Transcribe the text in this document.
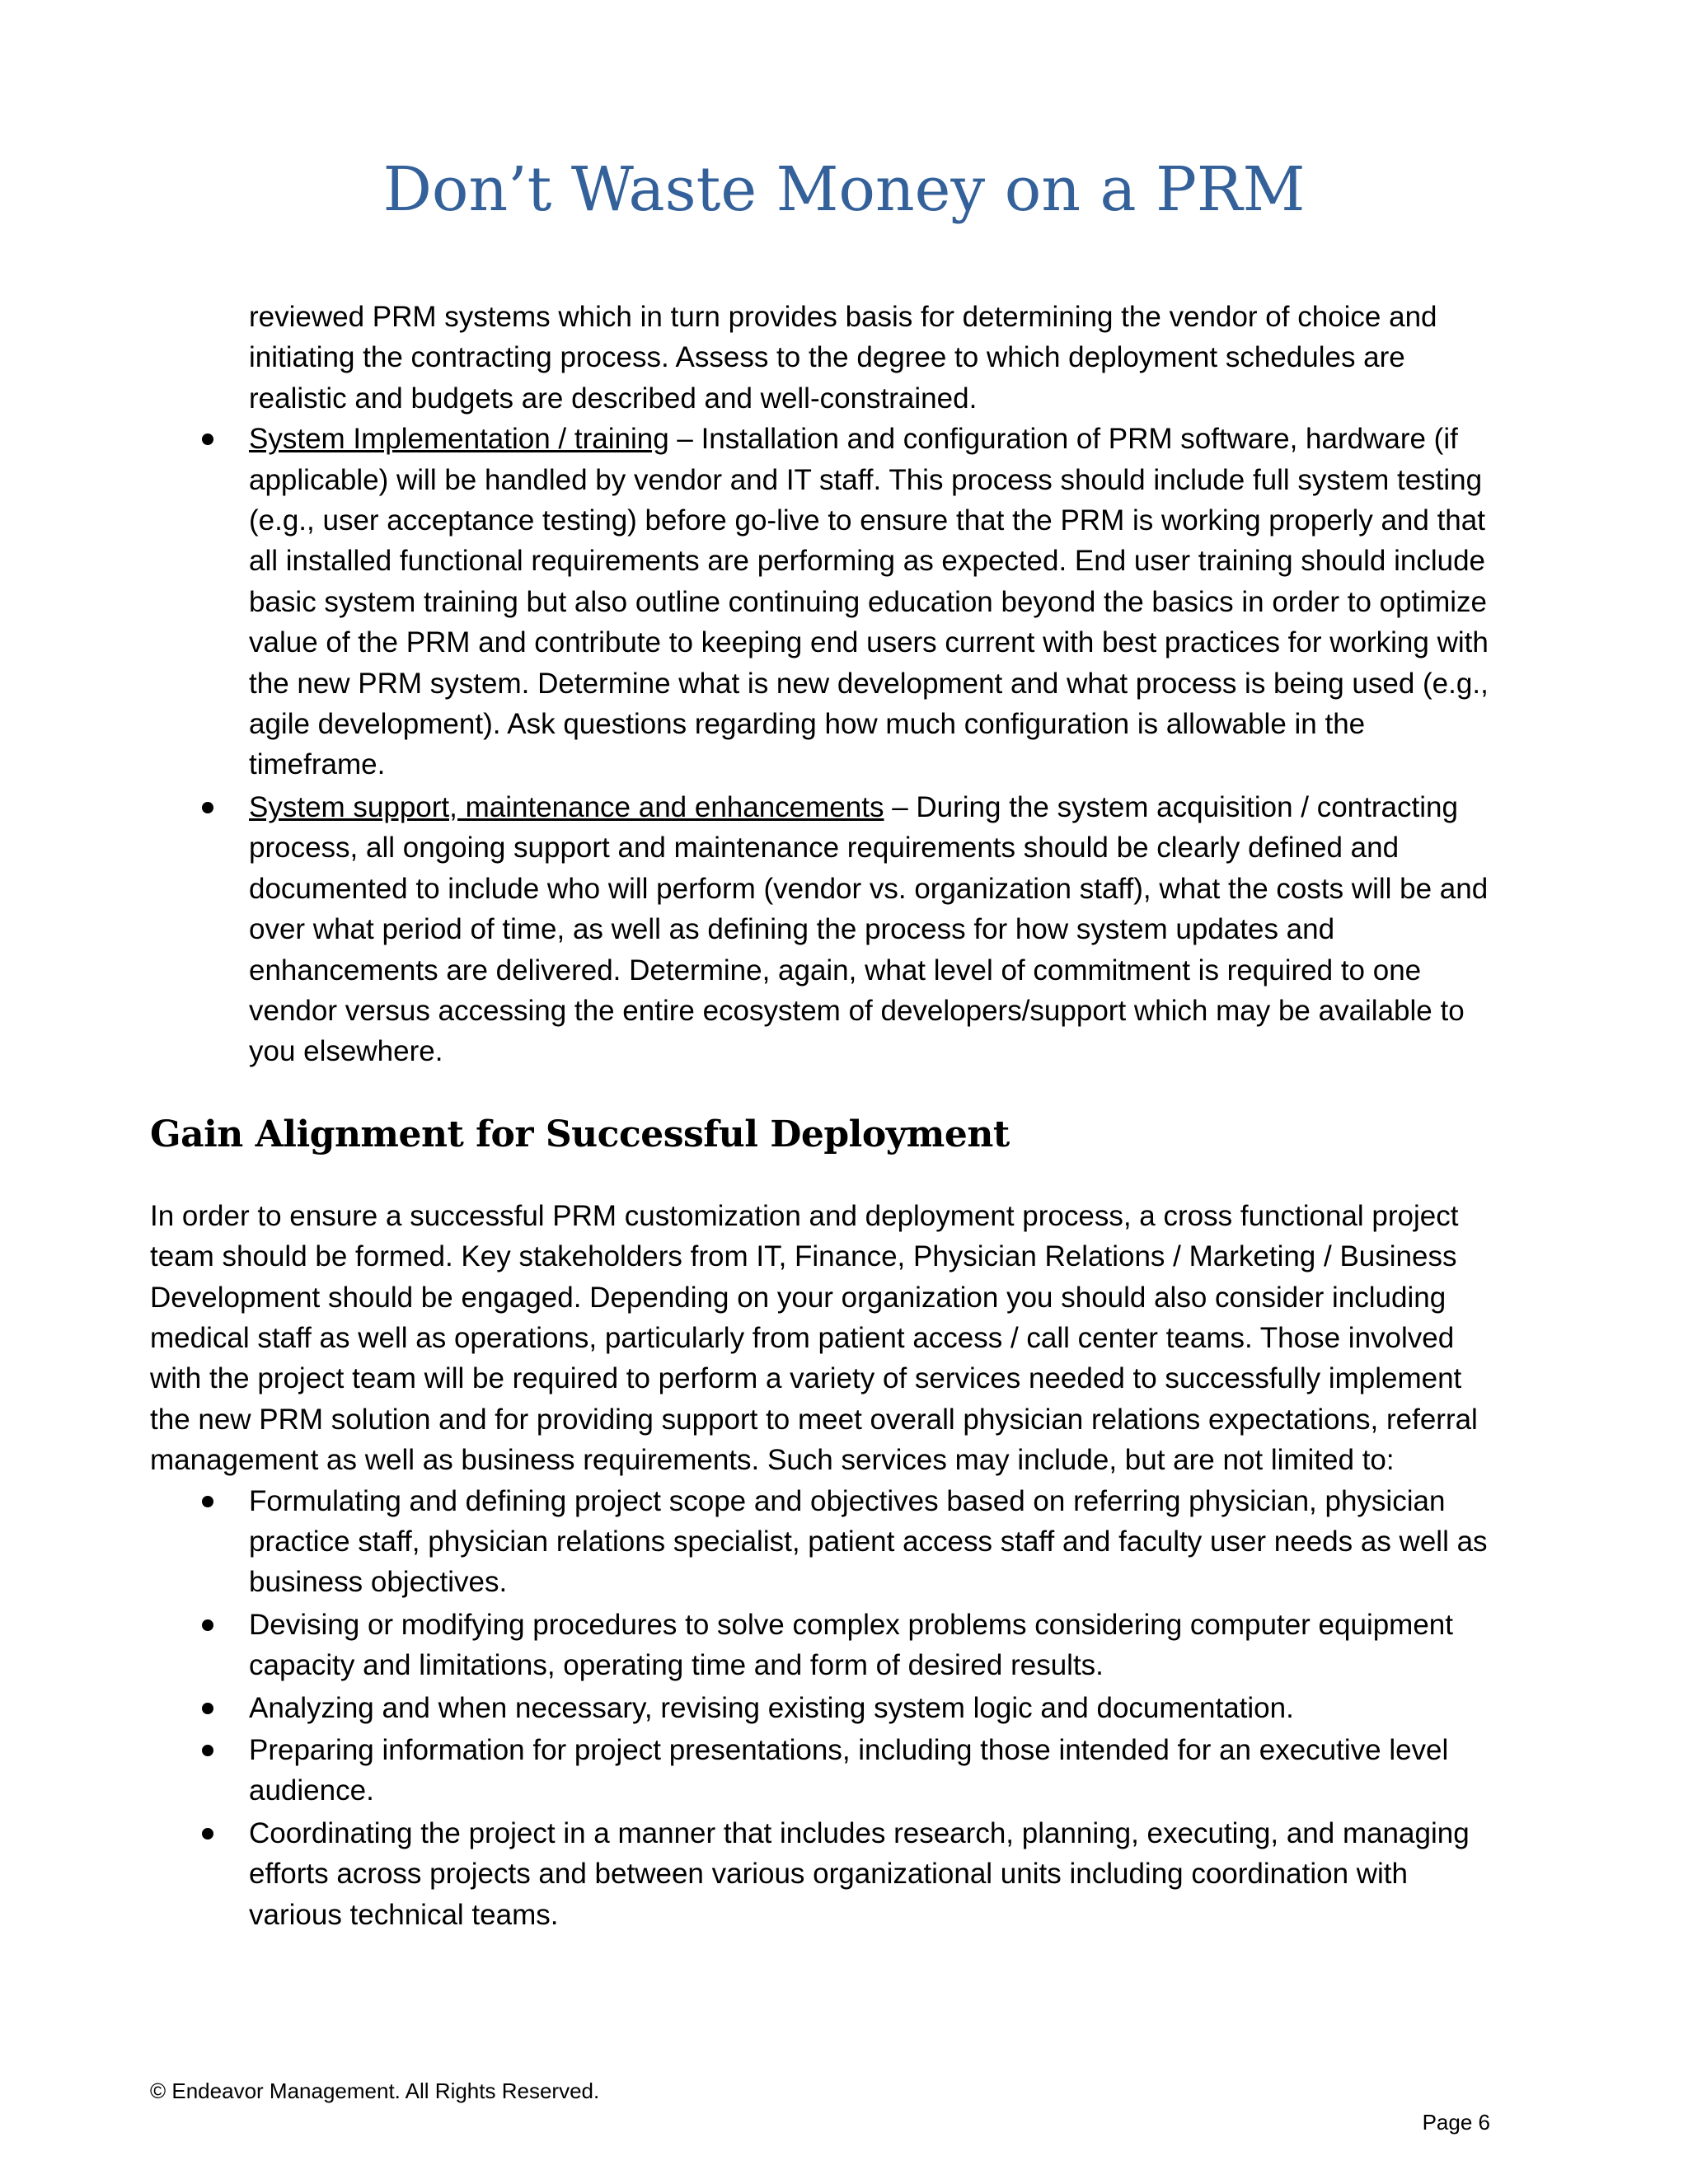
Don’t Waste Money on a PRM

reviewed PRM systems which in turn provides basis for determining the vendor of choice and initiating the contracting process. Assess to the degree to which deployment schedules are realistic and budgets are described and well-constrained.

System Implementation / training – Installation and configuration of PRM software, hardware (if applicable) will be handled by vendor and IT staff. This process should include full system testing (e.g., user acceptance testing) before go-live to ensure that the PRM is working properly and that all installed functional requirements are performing as expected. End user training should include basic system training but also outline continuing education beyond the basics in order to optimize value of the PRM and contribute to keeping end users current with best practices for working with the new PRM system. Determine what is new development and what process is being used (e.g., agile development). Ask questions regarding how much configuration is allowable in the timeframe.
System support, maintenance and enhancements – During the system acquisition / contracting process, all ongoing support and maintenance requirements should be clearly defined and documented to include who will perform (vendor vs. organization staff), what the costs will be and over what period of time, as well as defining the process for how system updates and enhancements are delivered. Determine, again, what level of commitment is required to one vendor versus accessing the entire ecosystem of developers/support which may be available to you elsewhere.
Gain Alignment for Successful Deployment

In order to ensure a successful PRM customization and deployment process, a cross functional project team should be formed. Key stakeholders from IT, Finance, Physician Relations / Marketing / Business Development should be engaged. Depending on your organization you should also consider including medical staff as well as operations, particularly from patient access / call center teams. Those involved with the project team will be required to perform a variety of services needed to successfully implement the new PRM solution and for providing support to meet overall physician relations expectations, referral management as well as business requirements. Such services may include, but are not limited to:

Formulating and defining project scope and objectives based on referring physician, physician practice staff, physician relations specialist, patient access staff and faculty user needs as well as business objectives.
Devising or modifying procedures to solve complex problems considering computer equipment capacity and limitations, operating time and form of desired results.
Analyzing and when necessary, revising existing system logic and documentation.
Preparing information for project presentations, including those intended for an executive level audience.
Coordinating the project in a manner that includes research, planning, executing, and managing efforts across projects and between various organizational units including coordination with various technical teams.
© Endeavor Management. All Rights Reserved.
Page 6
